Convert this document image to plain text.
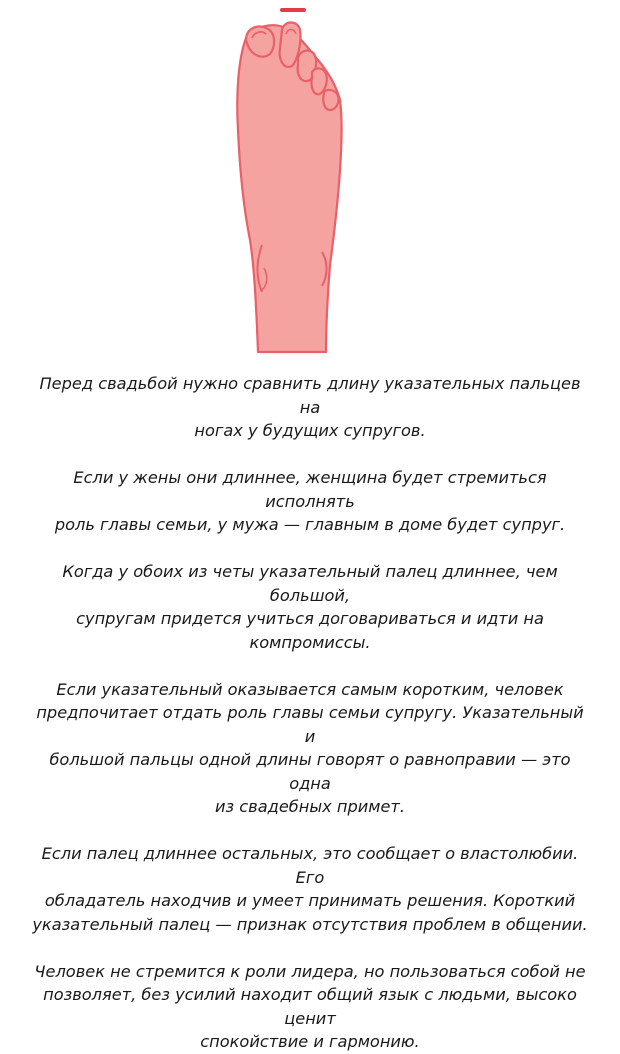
Перед свадьбой нужно сравнить длину указательных пальцев на
ногах у будущих супругов.

Если у жены они длиннее, женщина будет стремиться исполнять
роль главы семьи, у мужа — главным в доме будет супруг.

Когда у обоих из четы указательный палец длиннее, чем большой,
супругам придется учиться договариваться и идти на
компромиссы.

Если указательный оказывается самым коротким, человек
предпочитает отдать роль главы семьи супругу. Указательный и
большой пальцы одной длины говорят о равноправии — это одна
из свадебных примет.

Если палец длиннее остальных, это сообщает о властолюбии. Его
обладатель находчив и умеет принимать решения. Короткий
указательный палец — признак отсутствия проблем в общении.

Человек не стремится к роли лидера, но пользоваться собой не
позволяет, без усилий находит общий язык с людьми, высоко ценит
спокойствие и гармонию.
